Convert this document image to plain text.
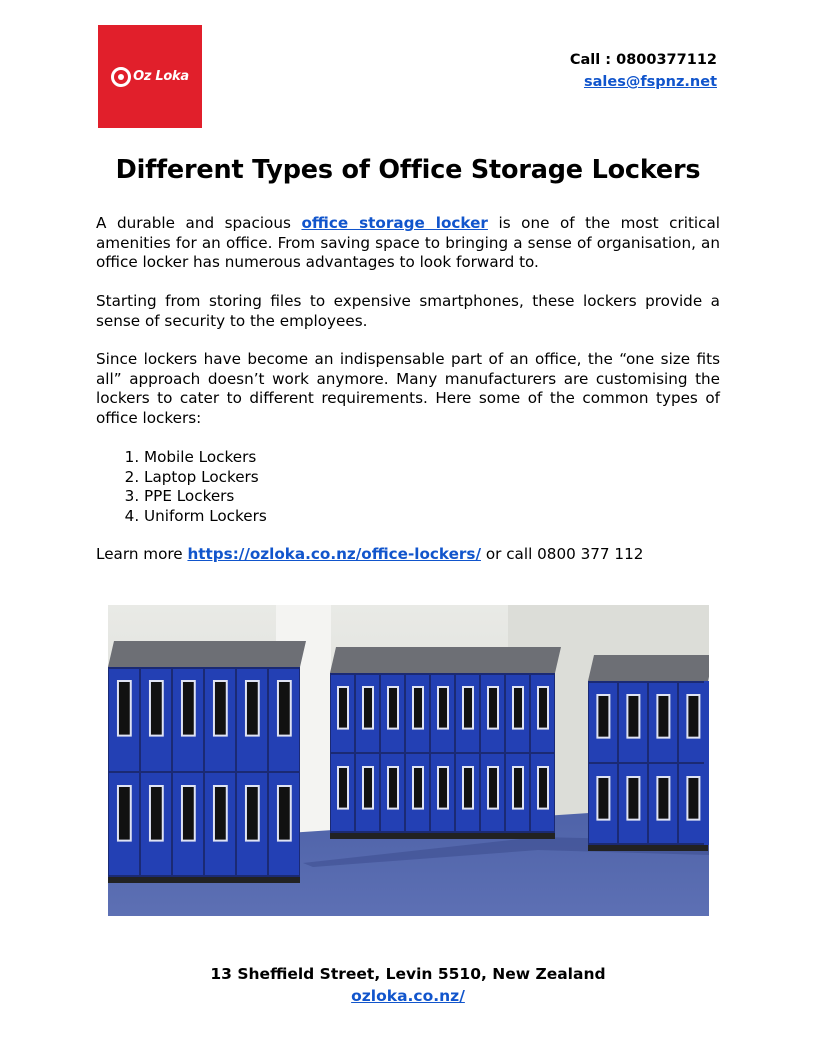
Oz Loka
Call : 0800377112
sales@fspnz.net
Different Types of Office Storage Lockers

A durable and spacious office storage locker is one of the most critical amenities for an office. From saving space to bringing a sense of organisation, an office locker has numerous advantages to look forward to.

Starting from storing files to expensive smartphones, these lockers provide a sense of security to the employees.

Since lockers have become an indispensable part of an office, the “one size fits all” approach doesn’t work anymore. Many manufacturers are customising the lockers to cater to different requirements. Here some of the common types of office lockers:

1. Mobile Lockers
2. Laptop Lockers
3. PPE Lockers
4. Uniform Lockers
Learn more https://ozloka.co.nz/office-lockers/ or call 0800 377 112
13 Sheffield Street, Levin 5510, New Zealand
ozloka.co.nz/
